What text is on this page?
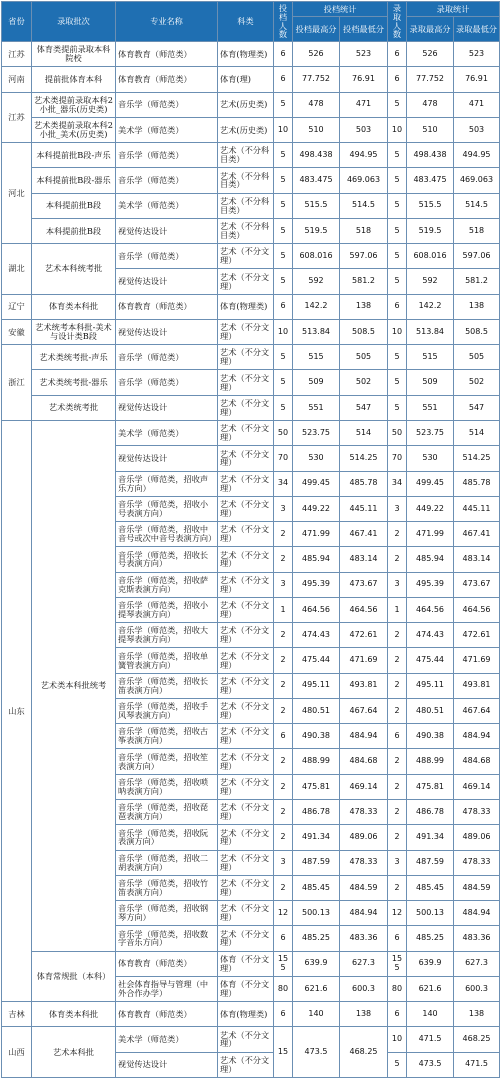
省份	录取批次	专业名称	科类	投档人数	投档统计		录取人数	录取统计	
					投档最高分	投档最低分		录取最高分	录取最低分
江苏	体育类提前录取本科院校	体育教育（师范类）	体育(物理类)	6	526	523	6	526	523
河南	提前批体育本科	体育教育（师范类）	体育(理)	6	77.752	76.91	6	77.752	76.91
江苏	艺术类提前录取本科2小批_器乐(历史类)	音乐学（师范类）	艺术(历史类)	5	478	471	5	478	471
	艺术类提前录取本科2小批_美术(历史类)	美术学（师范类）	艺术(历史类)	10	510	503	10	510	503
河北	本科提前批B段-声乐	音乐学（师范类）	艺术（不分科目类）	5	498.438	494.95	5	498.438	494.95
	本科提前批B段-器乐	音乐学（师范类）	艺术（不分科目类）	5	483.475	469.063	5	483.475	469.063
	本科提前批B段	美术学（师范类）	艺术（不分科目类）	5	515.5	514.5	5	515.5	514.5
	本科提前批B段	视觉传达设计	艺术（不分科目类）	5	519.5	518	5	519.5	518
湖北	艺术本科统考批	音乐学（师范类）	艺术（不分文理）	5	608.016	597.06	5	608.016	597.06
		视觉传达设计	艺术（不分文理）	5	592	581.2	5	592	581.2
辽宁	体育类本科批	体育教育（师范类）	体育(物理类)	6	142.2	138	6	142.2	138
安徽	艺术统考本科批-美术与设计类B段	视觉传达设计	艺术（不分文理）	10	513.84	508.5	10	513.84	508.5
浙江	艺术类统考批-声乐	音乐学（师范类）	艺术（不分文理）	5	515	505	5	515	505
	艺术类统考批-器乐	音乐学（师范类）	艺术（不分文理）	5	509	502	5	509	502
	艺术类统考批	视觉传达设计	艺术（不分文理）	5	551	547	5	551	547
山东	艺术类本科批统考	美术学（师范类）	艺术（不分文理）	50	523.75	514	50	523.75	514
		视觉传达设计	艺术（不分文理）	70	530	514.25	70	530	514.25
		音乐学（师范类，招收声乐方向）	艺术（不分文理）	34	499.45	485.78	34	499.45	485.78
		音乐学（师范类，招收小号表演方向）	艺术（不分文理）	3	449.22	445.11	3	449.22	445.11
		音乐学（师范类，招收中音号或次中音号表演方向）	艺术（不分文理）	2	471.99	467.41	2	471.99	467.41
		音乐学（师范类，招收长号表演方向）	艺术（不分文理）	2	485.94	483.14	2	485.94	483.14
		音乐学（师范类，招收萨克斯表演方向）	艺术（不分文理）	3	495.39	473.67	3	495.39	473.67
		音乐学（师范类，招收小提琴表演方向）	艺术（不分文理）	1	464.56	464.56	1	464.56	464.56
		音乐学（师范类，招收大提琴表演方向）	艺术（不分文理）	2	474.43	472.61	2	474.43	472.61
		音乐学（师范类，招收单簧管表演方向）	艺术（不分文理）	2	475.44	471.69	2	475.44	471.69
		音乐学（师范类，招收长笛表演方向）	艺术（不分文理）	2	495.11	493.81	2	495.11	493.81
		音乐学（师范类，招收手风琴表演方向）	艺术（不分文理）	2	480.51	467.64	2	480.51	467.64
		音乐学（师范类，招收古筝表演方向）	艺术（不分文理）	6	490.38	484.94	6	490.38	484.94
		音乐学（师范类，招收笙表演方向）	艺术（不分文理）	2	488.99	484.68	2	488.99	484.68
		音乐学（师范类，招收唢呐表演方向）	艺术（不分文理）	2	475.81	469.14	2	475.81	469.14
		音乐学（师范类，招收琵琶表演方向）	艺术（不分文理）	2	486.78	478.33	2	486.78	478.33
		音乐学（师范类，招收阮表演方向）	艺术（不分文理）	2	491.34	489.06	2	491.34	489.06
		音乐学（师范类，招收二胡表演方向）	艺术（不分文理）	3	487.59	478.33	3	487.59	478.33
		音乐学（师范类，招收竹笛表演方向）	艺术（不分文理）	2	485.45	484.59	2	485.45	484.59
		音乐学（师范类，招收钢琴方向）	艺术（不分文理）	12	500.13	484.94	12	500.13	484.94
		音乐学（师范类，招收数字音乐方向）	艺术（不分文理）	6	485.25	483.36	6	485.25	483.36
	体育常规批（本科）	体育教育（师范类）	体育（不分文理）	155	639.9	627.3	155	639.9	627.3
		社会体育指导与管理（中外合作办学）	体育（不分文理）	80	621.6	600.3	80	621.6	600.3
吉林	体育类本科批	体育教育（师范类）	体育(物理类)	6	140	138	6	140	138
山西	艺术本科批	美术学（师范类）	艺术（不分文理）	15	473.5	468.25	10	471.5	468.25
		视觉传达设计	艺术（不分文理）				5	473.5	471.5
